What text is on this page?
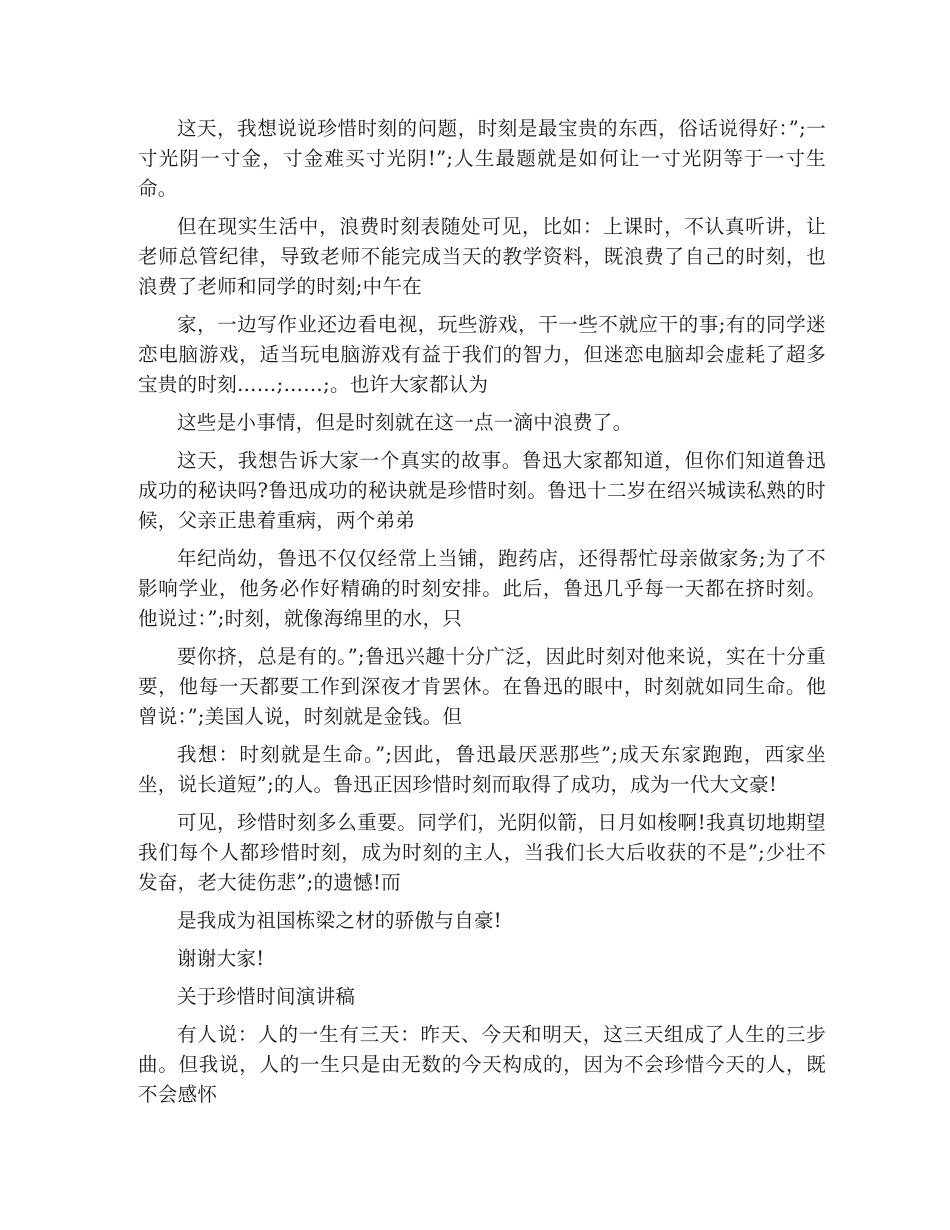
这天，我想说说珍惜时刻的问题，时刻是最宝贵的东西，俗话说得好：”;一寸光阴一寸金，寸金难买寸光阴!”;人生最题就是如何让一寸光阴等于一寸生命。

但在现实生活中，浪费时刻表随处可见，比如：上课时，不认真听讲，让老师总管纪律，导致老师不能完成当天的教学资料，既浪费了自己的时刻，也浪费了老师和同学的时刻;中午在

家，一边写作业还边看电视，玩些游戏，干一些不就应干的事;有的同学迷恋电脑游戏，适当玩电脑游戏有益于我们的智力，但迷恋电脑却会虚耗了超多宝贵的时刻……;……;。也许大家都认为

这些是小事情，但是时刻就在这一点一滴中浪费了。

这天，我想告诉大家一个真实的故事。鲁迅大家都知道，但你们知道鲁迅成功的秘诀吗?鲁迅成功的秘诀就是珍惜时刻。鲁迅十二岁在绍兴城读私熟的时候，父亲正患着重病，两个弟弟

年纪尚幼，鲁迅不仅仅经常上当铺，跑药店，还得帮忙母亲做家务;为了不影响学业，他务必作好精确的时刻安排。此后，鲁迅几乎每一天都在挤时刻。他说过：”;时刻，就像海绵里的水，只

要你挤，总是有的。”;鲁迅兴趣十分广泛，因此时刻对他来说，实在十分重要，他每一天都要工作到深夜才肯罢休。在鲁迅的眼中，时刻就如同生命。他曾说：”;美国人说，时刻就是金钱。但

我想：时刻就是生命。”;因此，鲁迅最厌恶那些”;成天东家跑跑，西家坐坐，说长道短”;的人。鲁迅正因珍惜时刻而取得了成功，成为一代大文豪!

可见，珍惜时刻多么重要。同学们，光阴似箭，日月如梭啊!我真切地期望我们每个人都珍惜时刻，成为时刻的主人，当我们长大后收获的不是”;少壮不发奋，老大徒伤悲”;的遗憾!而

是我成为祖国栋梁之材的骄傲与自豪!

谢谢大家!

关于珍惜时间演讲稿

有人说：人的一生有三天：昨天、今天和明天，这三天组成了人生的三步曲。但我说，人的一生只是由无数的今天构成的，因为不会珍惜今天的人，既不会感怀
